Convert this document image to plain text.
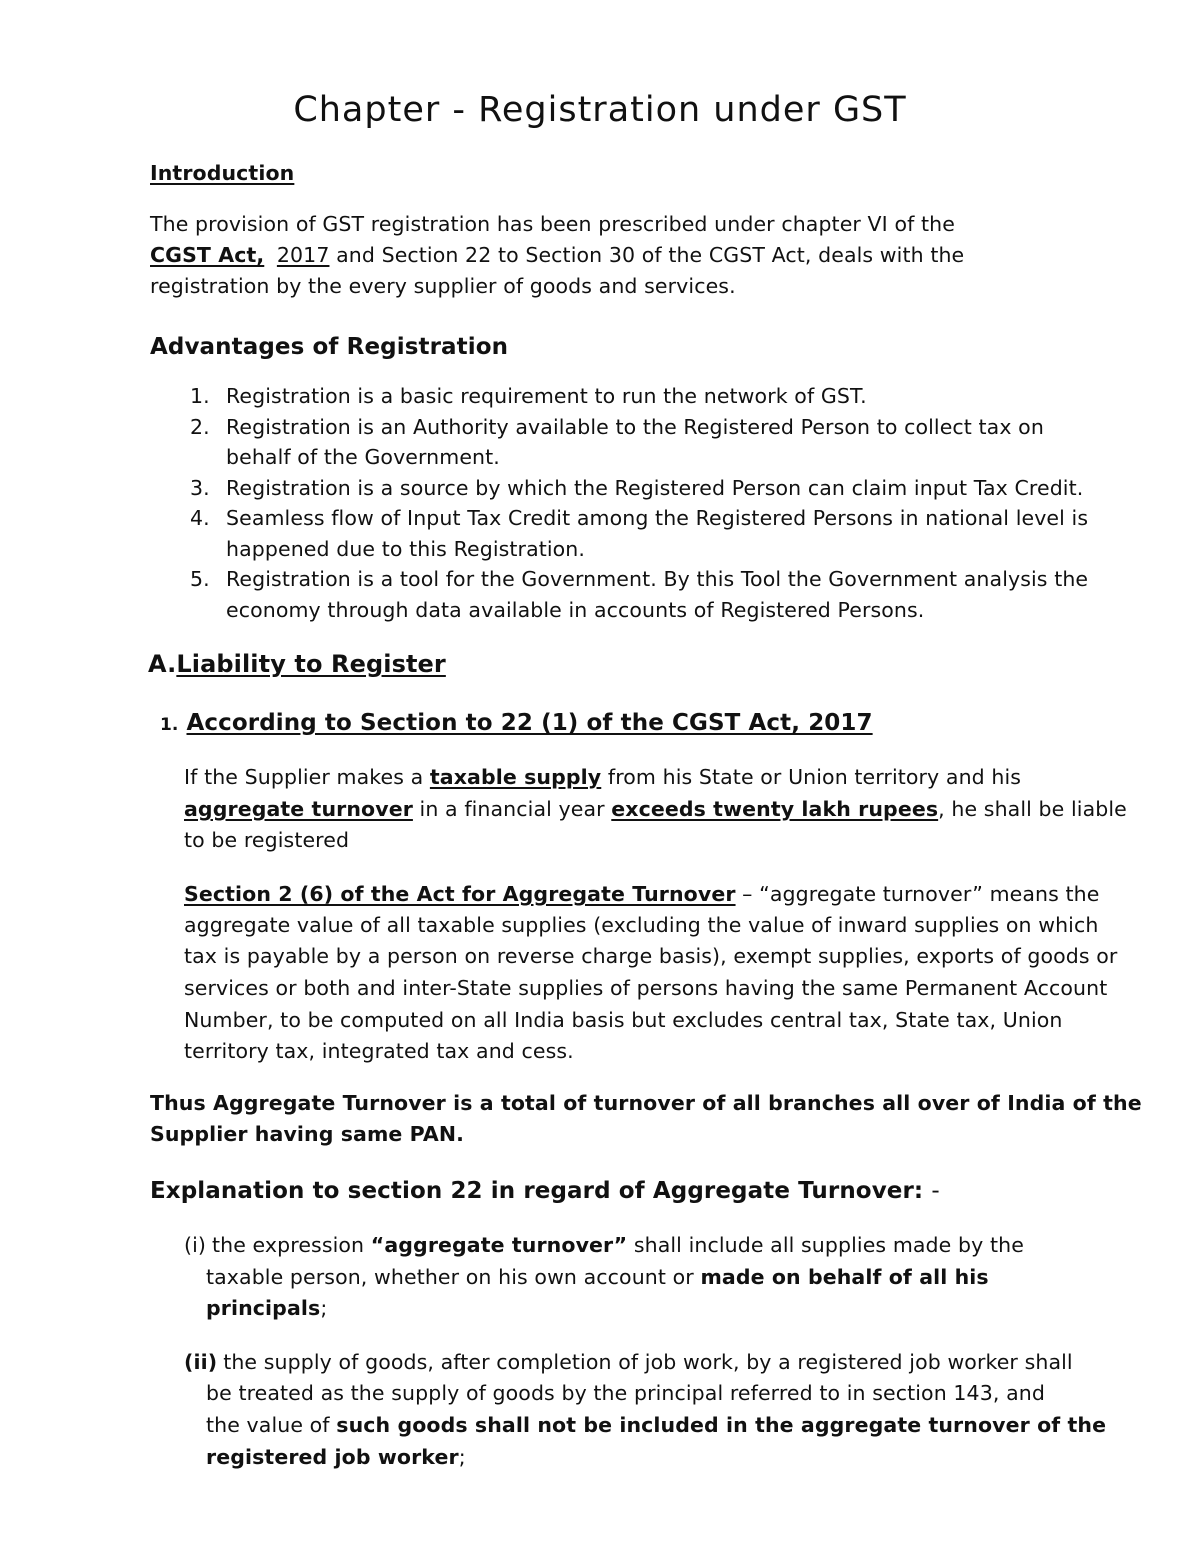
Chapter - Registration under GST
Introduction
The provision of GST registration has been prescribed under chapter VI of the
CGST Act, 2017 and Section 22 to Section 30 of the CGST Act, deals with the
registration by the every supplier of goods and services.
Advantages of Registration
1. Registration is a basic requirement to run the network of GST.
2. Registration is an Authority available to the Registered Person to collect tax on
behalf of the Government.
3. Registration is a source by which the Registered Person can claim input Tax Credit.
4. Seamless flow of Input Tax Credit among the Registered Persons in national level is
happened due to this Registration.
5. Registration is a tool for the Government. By this Tool the Government analysis the
economy through data available in accounts of Registered Persons.
A.Liability to Register
1. According to Section to 22 (1) of the CGST Act, 2017
If the Supplier makes a taxable supply from his State or Union territory and his
aggregate turnover in a financial year exceeds twenty lakh rupees, he shall be liable
to be registered
Section 2 (6) of the Act for Aggregate Turnover – “aggregate turnover” means the
aggregate value of all taxable supplies (excluding the value of inward supplies on which
tax is payable by a person on reverse charge basis), exempt supplies, exports of goods or
services or both and inter-State supplies of persons having the same Permanent Account
Number, to be computed on all India basis but excludes central tax, State tax, Union
territory tax, integrated tax and cess.
Thus Aggregate Turnover is a total of turnover of all branches all over of India of the
Supplier having same PAN.
Explanation to section 22 in regard of Aggregate Turnover: -
(i) the expression “aggregate turnover” shall include all supplies made by the
taxable person, whether on his own account or made on behalf of all his
principals;
(ii) the supply of goods, after completion of job work, by a registered job worker shall
be treated as the supply of goods by the principal referred to in section 143, and
the value of such goods shall not be included in the aggregate turnover of the
registered job worker;
